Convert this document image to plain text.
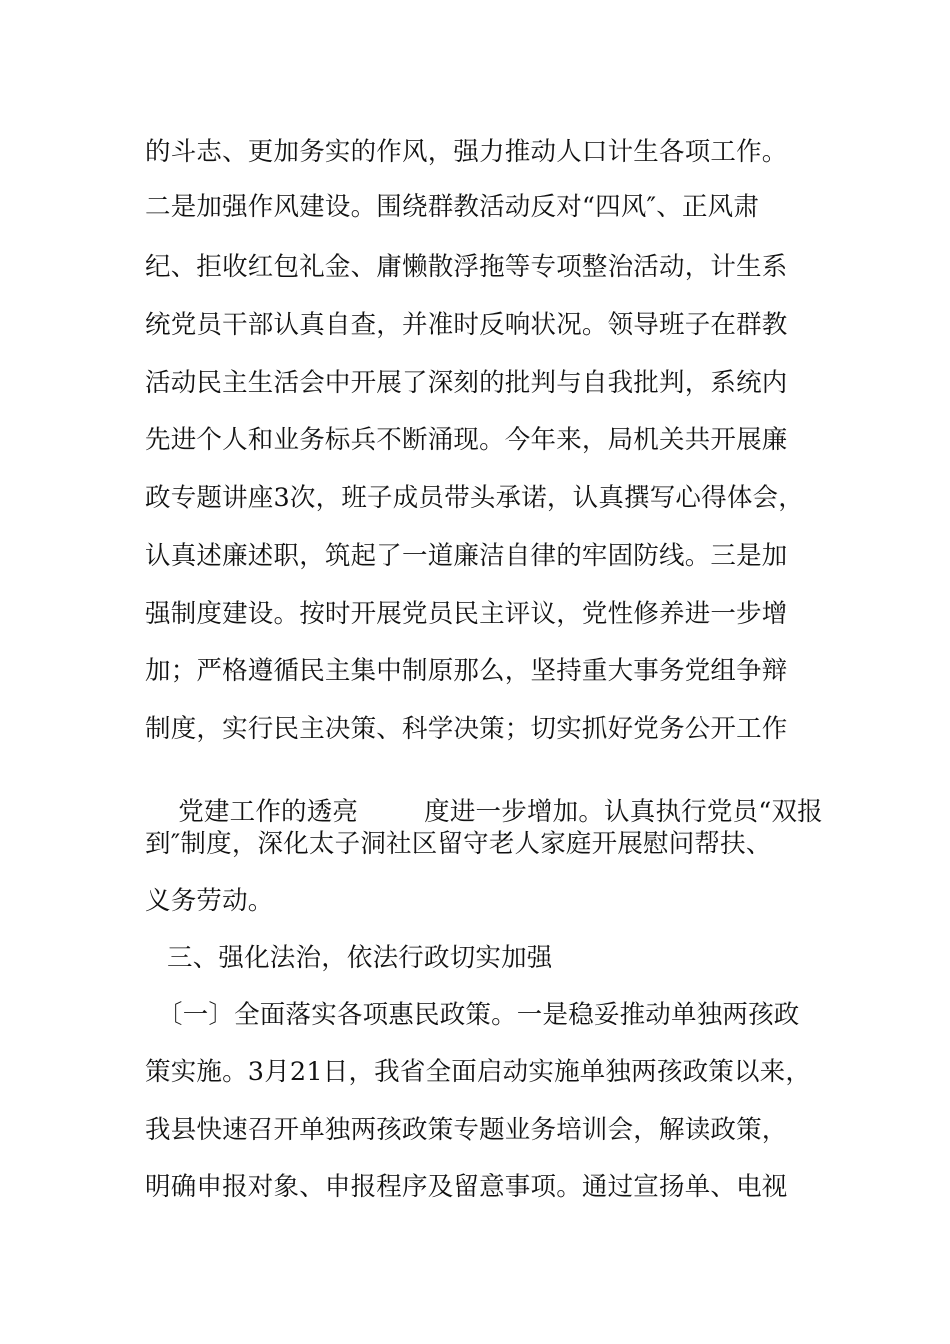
的斗志、更加务实的作风，强力推动人口计生各项工作。
二是加强作风建设。围绕群教活动反对“四风″、正风肃
纪、拒收红包礼金、庸懒散浮拖等专项整治活动，计生系
统党员干部认真自查，并准时反响状况。领导班子在群教
活动民主生活会中开展了深刻的批判与自我批判，系统内
先进个人和业务标兵不断涌现。今年来，局机关共开展廉
政专题讲座3次，班子成员带头承诺，认真撰写心得体会，
认真述廉述职，筑起了一道廉洁自律的牢固防线。三是加
强制度建设。按时开展党员民主评议，党性修养进一步增
加；严格遵循民主集中制原那么，坚持重大事务党组争辩
制度，实行民主决策、科学决策；切实抓好党务公开工作

党建工作的透亮	度进一步增加。认真执行党员“双报

到″制度，深化太子洞社区留守老人家庭开展慰问帮扶、
义务劳动。
三、强化法治，依法行政切实加强
〔一〕全面落实各项惠民政策。一是稳妥推动单独两孩政
策实施。3月21日，我省全面启动实施单独两孩政策以来，
我县快速召开单独两孩政策专题业务培训会，解读政策，
明确申报对象、申报程序及留意事项。通过宣扬单、电视
